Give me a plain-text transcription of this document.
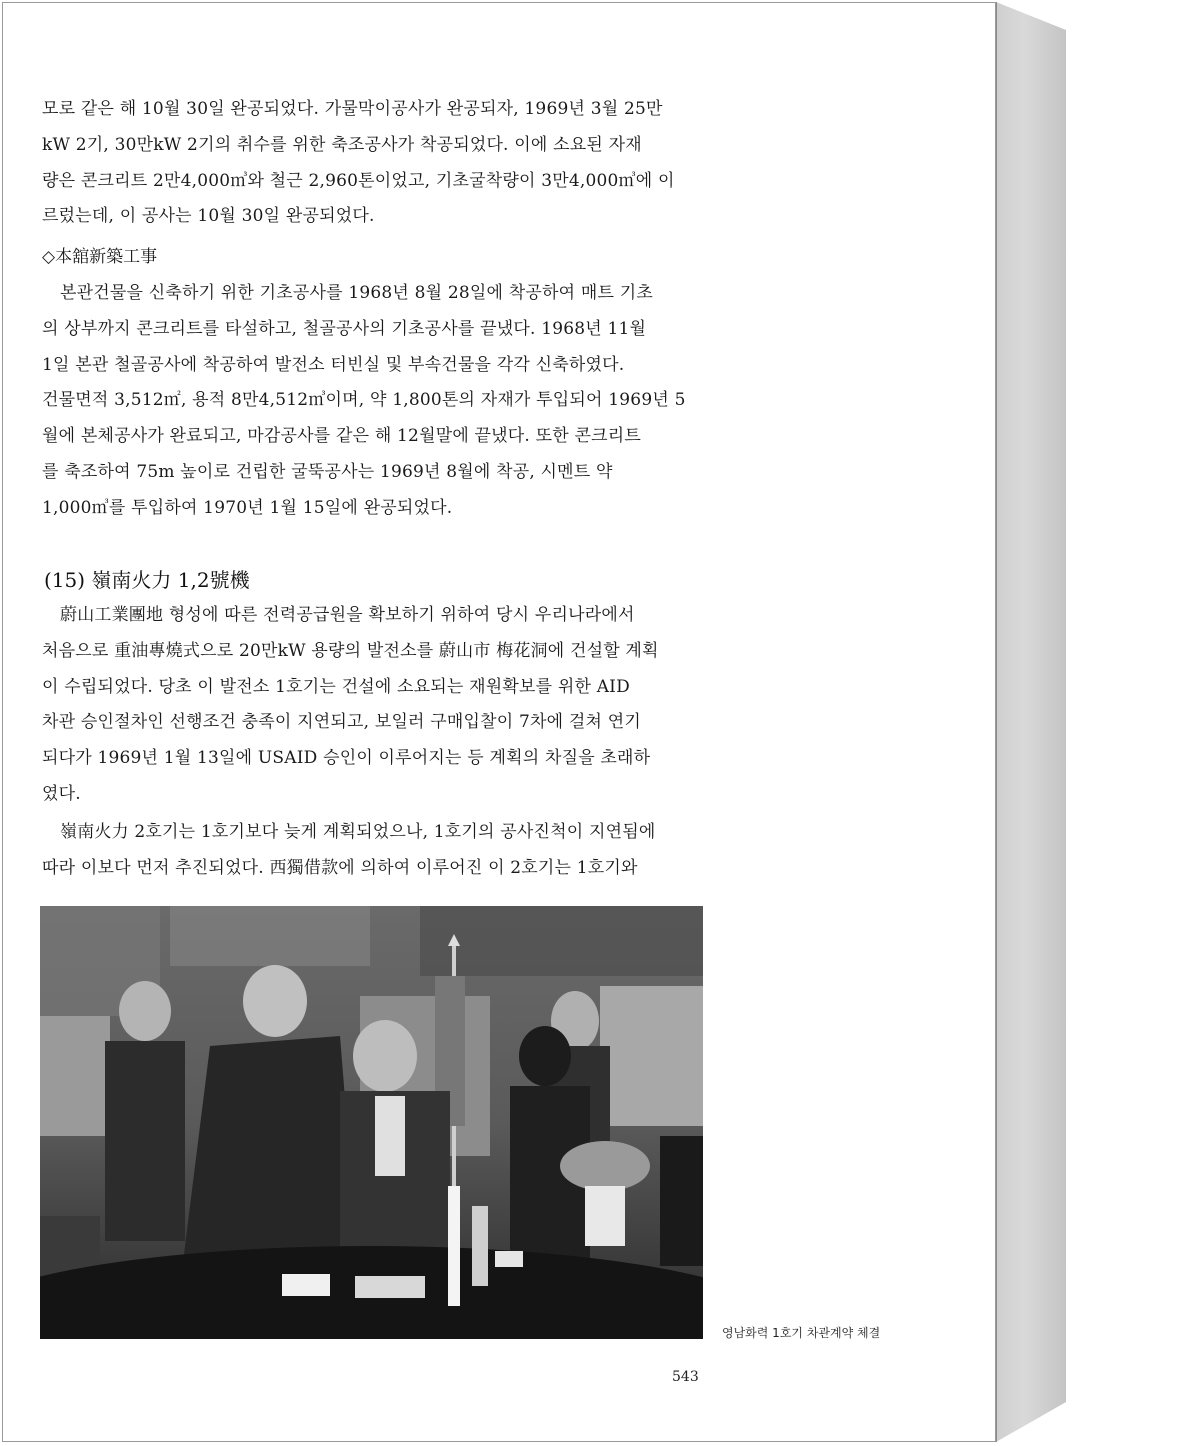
모로 같은 해 10월 30일 완공되었다. 가물막이공사가 완공되자, 1969년 3월 25만
kW 2기, 30만kW 2기의 취수를 위한 축조공사가 착공되었다. 이에 소요된 자재
량은 콘크리트 2만4,000㎥와 철근 2,960톤이었고, 기초굴착량이 3만4,000㎥에 이
르렀는데, 이 공사는 10월 30일 완공되었다.
◇本舘新築工事
본관건물을 신축하기 위한 기초공사를 1968년 8월 28일에 착공하여 매트 기초
의 상부까지 콘크리트를 타설하고, 철골공사의 기초공사를 끝냈다. 1968년 11월
1일 본관 철골공사에 착공하여 발전소 터빈실 및 부속건물을 각각 신축하였다.
건물면적 3,512㎡, 용적 8만4,512㎥이며, 약 1,800톤의 자재가 투입되어 1969년 5
월에 본체공사가 완료되고, 마감공사를 같은 해 12월말에 끝냈다. 또한 콘크리트
를 축조하여 75m 높이로 건립한 굴뚝공사는 1969년 8월에 착공, 시멘트 약
1,000㎥를 투입하여 1970년 1월 15일에 완공되었다.
(15) 嶺南火力 1,2號機
蔚山工業團地 형성에 따른 전력공급원을 확보하기 위하여 당시 우리나라에서
처음으로 重油專燒式으로 20만kW 용량의 발전소를 蔚山市 梅花洞에 건설할 계획
이 수립되었다. 당초 이 발전소 1호기는 건설에 소요되는 재원확보를 위한 AID
차관 승인절차인 선행조건 충족이 지연되고, 보일러 구매입찰이 7차에 걸쳐 연기
되다가 1969년 1월 13일에 USAID 승인이 이루어지는 등 계획의 차질을 초래하
였다.
嶺南火力 2호기는 1호기보다 늦게 계획되었으나, 1호기의 공사진척이 지연됨에
따라 이보다 먼저 추진되었다. 西獨借款에 의하여 이루어진 이 2호기는 1호기와
영남화력 1호기 차관계약 체결
543
